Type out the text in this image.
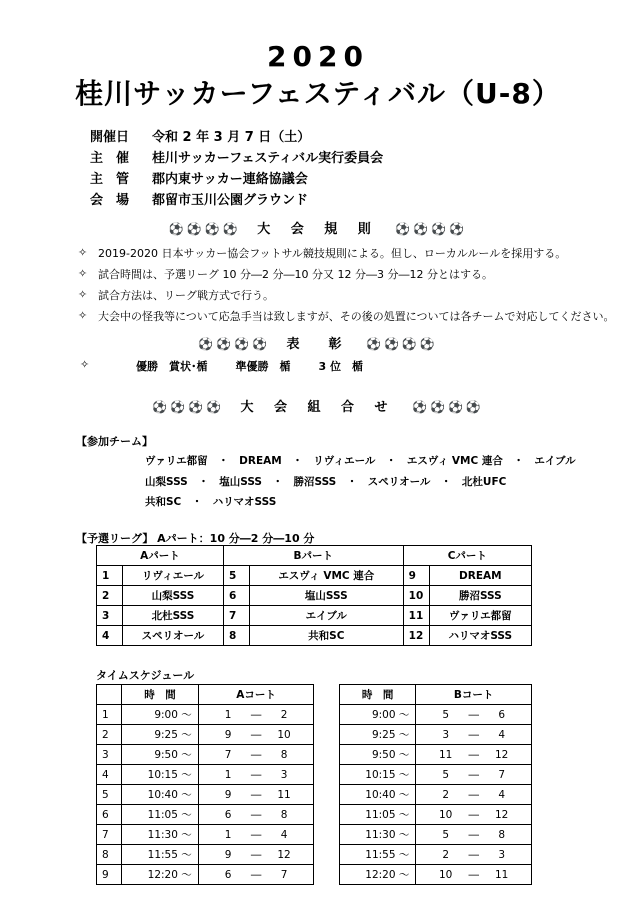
2020
桂川サッカーフェスティバル（U-8）
開催日	令和 2 年 3 月 7 日（土）
主　催	桂川サッカーフェスティバル実行委員会
主　管	郡内東サッカー連絡協議会
会　場	都留市玉川公園グラウンド
⚽⚽⚽⚽ 大 会 規 則 ⚽⚽⚽⚽
✧ 2019-2020 日本サッカー協会フットサル競技規則による。但し、ローカルルールを採用する。
✧ 試合時間は、予選リーグ 10 分―2 分―10 分又 12 分―3 分―12 分とはする。
✧ 試合方法は、リーグ戦方式で行う。
✧ 大会中の怪我等について応急手当は致しますが、その後の処置については各チームで対応してください。
⚽⚽⚽⚽ 表　彰 ⚽⚽⚽⚽
✧	優勝　賞状･楯	準優勝　楯	3 位　楯
⚽⚽⚽⚽ 大 会 組 合 せ ⚽⚽⚽⚽
【参加チーム】
ヴァリエ都留　・　DREAM　・　リヴィエール　・　エスヴィ VMC 連合　・　エイブル
山梨SSS　・　塩山SSS　・　勝沼SSS　・　スペリオール　・　北杜UFC
共和SC　・　ハリマオSSS
【予選リーグ】 Aパート：10 分―2 分―10 分
Aパート		Bパート		Cパート	
1	リヴィエール	5	エスヴィ VMC 連合	9	DREAM
2	山梨SSS	6	塩山SSS	10	勝沼SSS
3	北杜SSS	7	エイブル	11	ヴァリエ都留
4	スペリオール	8	共和SC	12	ハリマオSSS
タイムスケジュール
	時　間	Aコート		時　間	Bコート
1	9:00 ～	1 ― 2		9:00 ～	5 ― 6
2	9:25 ～	9 ― 10		9:25 ～	3 ― 4
3	9:50 ～	7 ― 8		9:50 ～	11 ― 12
4	10:15 ～	1 ― 3		10:15 ～	5 ― 7
5	10:40 ～	9 ― 11		10:40 ～	2 ― 4
6	11:05 ～	6 ― 8		11:05 ～	10 ― 12
7	11:30 ～	1 ― 4		11:30 ～	5 ― 8
8	11:55 ～	9 ― 12		11:55 ～	2 ― 3
9	12:20 ～	6 ― 7		12:20 ～	10 ― 11
